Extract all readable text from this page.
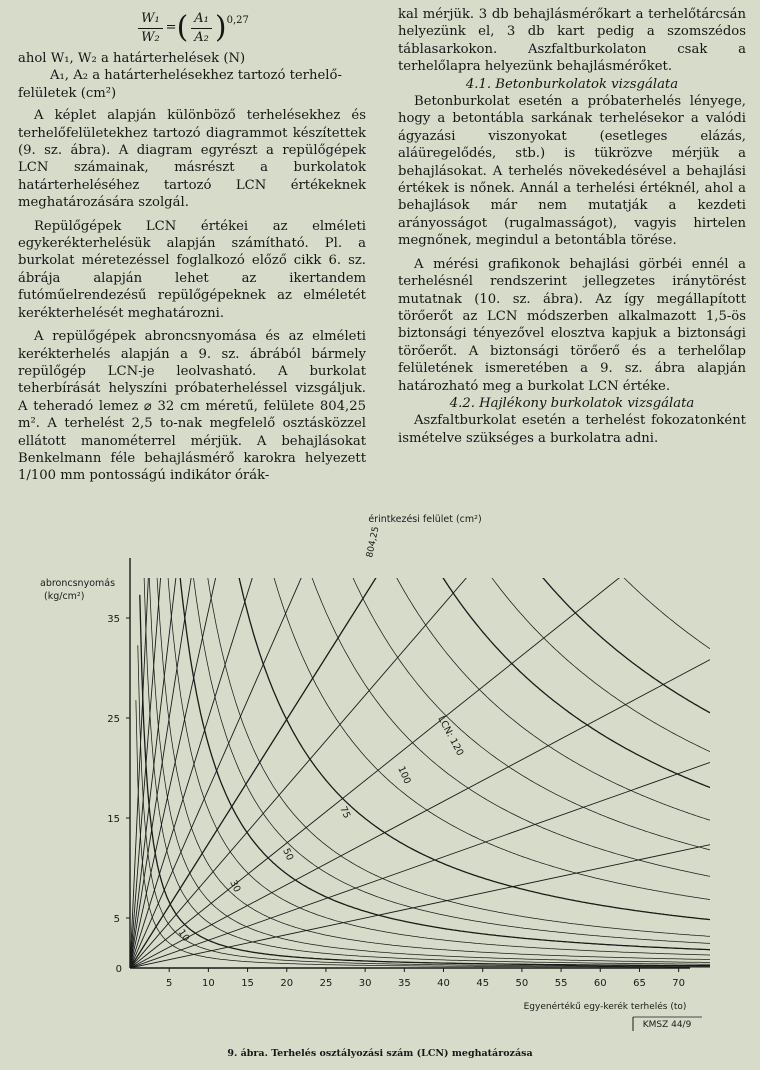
$\frac{\text{W₁}}{\text{W₂}}$ = ( $\frac{\text{A₁}}{\text{A₂}}$ ) 0,27

ahol W₁, W₂ a határterhelések (N)

A₁, A₂ a határterhelésekhez tartozó terhelő-

felületek (cm²)

A képlet alapján különböző terhelésekhez és terhelőfelületekhez tartozó diagrammot készítettek (9. sz. ábra). A diagram egyrészt a repülőgépek LCN számainak, másrészt a burkolatok határterheléséhez tartozó LCN értékeknek meghatározására szolgál.

Repülőgépek LCN értékei az elméleti egykerékterhelésük alapján számítható. Pl. a burkolat méretezéssel foglalkozó előző cikk 6. sz. ábrája alapján lehet az ikertandem futóműelrendezésű repülőgépeknek az elméletét kerékterhelését meghatározni.

A repülőgépek abroncsnyomása és az elméleti kerékterhelés alapján a 9. sz. ábrából bármely repülőgép LCN-je leolvasható. A burkolat teherbírását helyszíni próbaterheléssel vizsgáljuk. A teheradó lemez ⌀ 32 cm méretű, felülete 804,25 m². A terhelést 2,5 to-nak megfelelő osztásközzel ellátott manométerrel mérjük. A behajlásokat Benkelmann féle behajlásmérő karokra helyezett 1/100 mm pontosságú indikátor órák-

kal mérjük. 3 db behajlásmérőkart a terhelőtárcsán helyezünk el, 3 db kart pedig a szomszédos táblasarkokon. Aszfaltburkolaton csak a terhelőlapra helyezünk behajlásmérőket.

4.1. Betonburkolatok vizsgálata

Betonburkolat esetén a próbaterhelés lényege, hogy a betontábla sarkának terhelésekor a valódi ágyazási viszonyokat (esetleges elázás, aláüregelődés, stb.) is tükrözve mérjük a behajlásokat. A terhelés növekedésével a behajlási értékek is nőnek. Annál a terhelési értéknél, ahol a behajlások már nem mutatják a kezdeti arányosságot (rugalmasságot), vagyis hirtelen megnőnek, megindul a betontábla törése.

A mérési grafikonok behajlási görbéi ennél a terhelésnél rendszerint jellegzetes iránytörést mutatnak (10. sz. ábra). Az így megállapított törőerőt az LCN módszerben alkalmazott 1,5-ös biztonsági tényezővel elosztva kapjuk a biztonsági törőerőt. A biztonsági törőerő és a terhelőlap felületének ismeretében a 9. sz. ábra alapján határozható meg a burkolat LCN értéke.

4.2. Hajlékony burkolatok vizsgálata

Aszfaltburkolat esetén a terhelést fokozatonként ismételve szükséges a burkolatra adni.

5	10	15	20	25	30	35	40	45	50	55	60	65	70
5
15
25
35
0
érintkezési felület (cm²)
abroncsnyomás
(kg/cm²)
Egyenértékű egy-kerék terhelés (to)
KMSZ 44/9
LCN: 120
100
75
50
30
10
804,25
9. ábra. Terhelés osztályozási szám (LCN) meghatározása
